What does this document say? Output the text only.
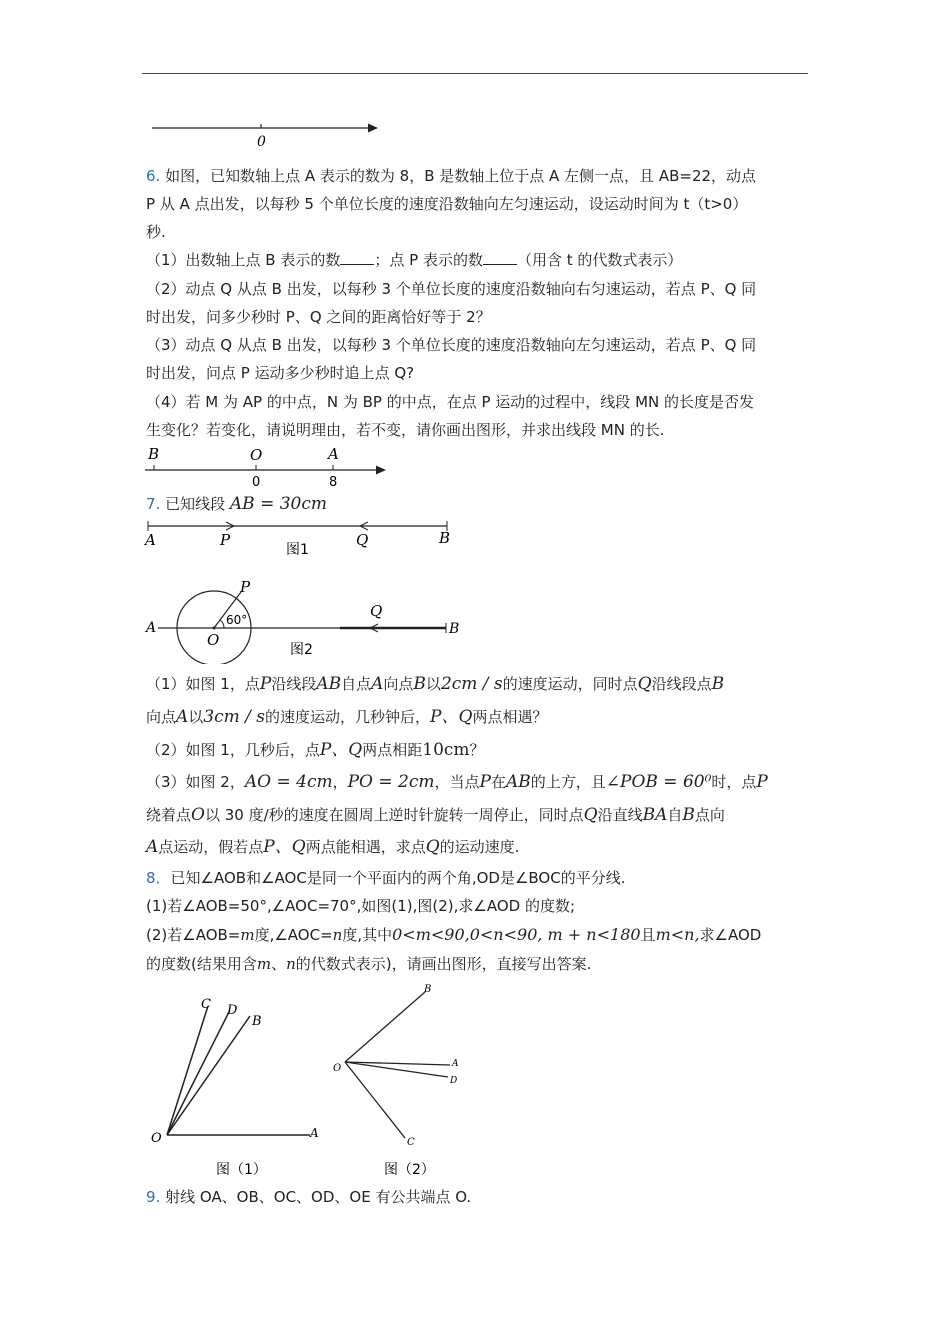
0
6. 如图，已知数轴上点 A 表示的数为 8，B 是数轴上位于点 A 左侧一点，且 AB=22，动点
P 从 A 点出发，以每秒 5 个单位长度的速度沿数轴向左匀速运动，设运动时间为 t（t>0）
秒.
（1）出数轴上点 B 表示的数 ；点 P 表示的数 （用含 t 的代数式表示）
（2）动点 Q 从点 B 出发，以每秒 3 个单位长度的速度沿数轴向右匀速运动，若点 P、Q 同
时出发，问多少秒时 P、Q 之间的距离恰好等于 2？
（3）动点 Q 从点 B 出发，以每秒 3 个单位长度的速度沿数轴向左匀速运动，若点 P、Q 同
时出发，问点 P 运动多少秒时追上点 Q?
（4）若 M 为 AP 的中点，N 为 BP 的中点，在点 P 运动的过程中，线段 MN 的长度是否发
生变化？若变化，请说明理由，若不变，请你画出图形，并求出线段 MN 的长.
B	O	A
0	8
7. 已知线段 AB = 30cm
A	P	Q	B
图1
A
O
P
Q
B
60°
图2
（1）如图 1，点P沿线段AB自点A向点B以2cm / s的速度运动，同时点Q沿线段点B
向点A以3cm / s的速度运动，几秒钟后，P、Q两点相遇？
（2）如图 1，几秒后，点P、Q两点相距10cm？
（3）如图 2，AO = 4cm，PO = 2cm，当点P在AB的上方，且∠POB = 60⁰时，点P
绕着点O以 30 度/秒的速度在圆周上逆时针旋转一周停止，同时点Q沿直线BA自B点向
A点运动，假若点P、Q两点能相遇，求点Q的运动速度.
8．已知∠AOB和∠AOC是同一个平面内的两个角,OD是∠BOC的平分线.
(1)若∠AOB=50°,∠AOC=70°,如图(1),图(2),求∠AOD 的度数;
(2)若∠AOB=m度,∠AOC=n度,其中0<m<90,0<n<90, m + n<180且m<n,求∠AOD
的度数(结果用含m、n的代数式表示)，请画出图形，直接写出答案.
C D
B
O	A
图（1）
B
O	A
D
C
图（2）
9. 射线 OA、OB、OC、OD、OE 有公共端点 O.
